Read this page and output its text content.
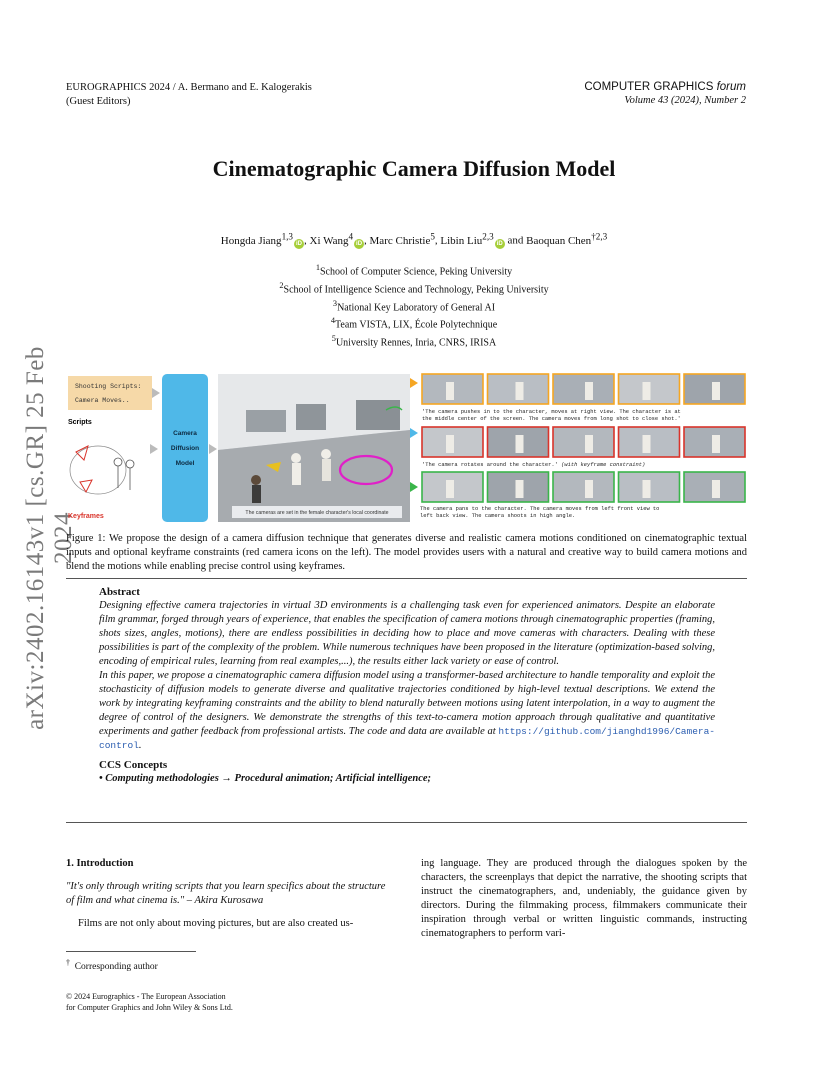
EUROGRAPHICS 2024 / A. Bermano and E. Kalogerakis
(Guest Editors)
COMPUTER GRAPHICS forum
Volume 43 (2024), Number 2
arXiv:2402.16143v1 [cs.GR] 25 Feb 2024
Cinematographic Camera Diffusion Model
Hongda Jiang$^{1,3}$iD , Xi Wang$^4$iD , Marc Christie$^5$, Libin Liu$^{2,3}$iD and Baoquan Chen$^{\dagger 2,3}$
$^1$School of Computer Science, Peking University
$^2$School of Intelligence Science and Technology, Peking University
$^3$National Key Laboratory of General AI
$^4$Team VISTA, LIX, École Polytechnique
$^5$University Rennes, Inria, CNRS, IRISA
Shooting Scripts:
Camera Moves..
Scripts
Keyframes
Camera
Diffusion
Model
The cameras are set in the female character's local coordinate
'The camera pushes in to the character, moves at right view. The character is at
the middle center of the screen. The camera moves from long shot to close shot.'
'The camera rotates around the character.' (with keyframe constraint)
The camera pans to the character. The camera moves from left front view to
left back view. The camera shoots in high angle.
Figure 1: We propose the design of a camera diffusion technique that generates diverse and realistic camera motions conditioned on cinematographic textual inputs and optional keyframe constraints (red camera icons on the left). The model provides users with a natural and creative way to build camera motions and blend the motions while enabling precise control using keyframes.
Abstract

Designing effective camera trajectories in virtual 3D environments is a challenging task even for experienced animators. Despite an elaborate film grammar, forged through years of experience, that enables the specification of camera motions through cinematographic properties (framing, shots sizes, angles, motions), there are endless possibilities in deciding how to place and move cameras with characters. Dealing with these possibilities is part of the complexity of the problem. While numerous techniques have been proposed in the literature (optimization-based solving, encoding of empirical rules, learning from real examples,...), the results either lack variety or ease of control.

In this paper, we propose a cinematographic camera diffusion model using a transformer-based architecture to handle temporality and exploit the stochasticity of diffusion models to generate diverse and qualitative trajectories conditioned by high-level textual descriptions. We extend the work by integrating keyframing constraints and the ability to blend naturally between motions using latent interpolation, in a way to augment the degree of control of the designers. We demonstrate the strengths of this text-to-camera motion approach through qualitative and quantitative experiments and gather feedback from professional artists. The code and data are available at https://github.com/jianghd1996/Camera-control.

CCS Concepts
• Computing methodologies → Procedural animation; Artificial intelligence;
1. Introduction
"It's only through writing scripts that you learn specifics about the structure of film and what cinema is." – Akira Kurosawa
Films are not only about moving pictures, but are also created us-
ing language. They are produced through the dialogues spoken by the characters, the screenplays that depict the narrative, the shooting scripts that instruct the cinematographers, and, undeniably, the guidance given by directors. During the filmmaking process, filmmakers communicate their inspiration through verbal or written linguistic commands, instructing cinematographers to perform vari-
† Corresponding author
© 2024 Eurographics - The European Association
for Computer Graphics and John Wiley & Sons Ltd.
